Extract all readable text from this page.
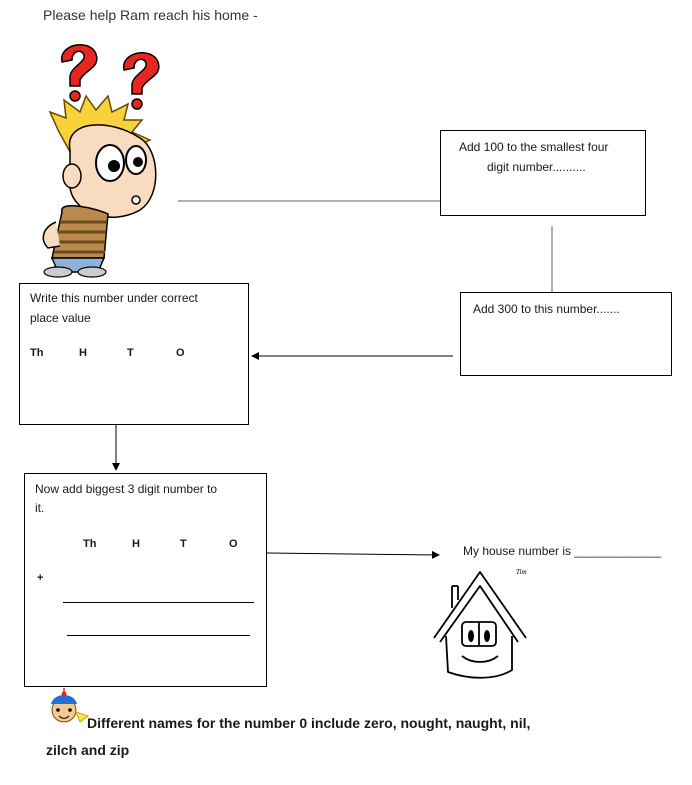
Please help Ram reach his home -
Add 100 to the smallest four
digit number..........
Add 300 to this number.......
Write this number under correct
place value
Th	H	T	O
Now add biggest 3 digit number to
it.
Th	H	T	O
+
My house number is _____________
Tim
Different names for the number 0 include zero, nought, naught, nil,
zilch and zip
